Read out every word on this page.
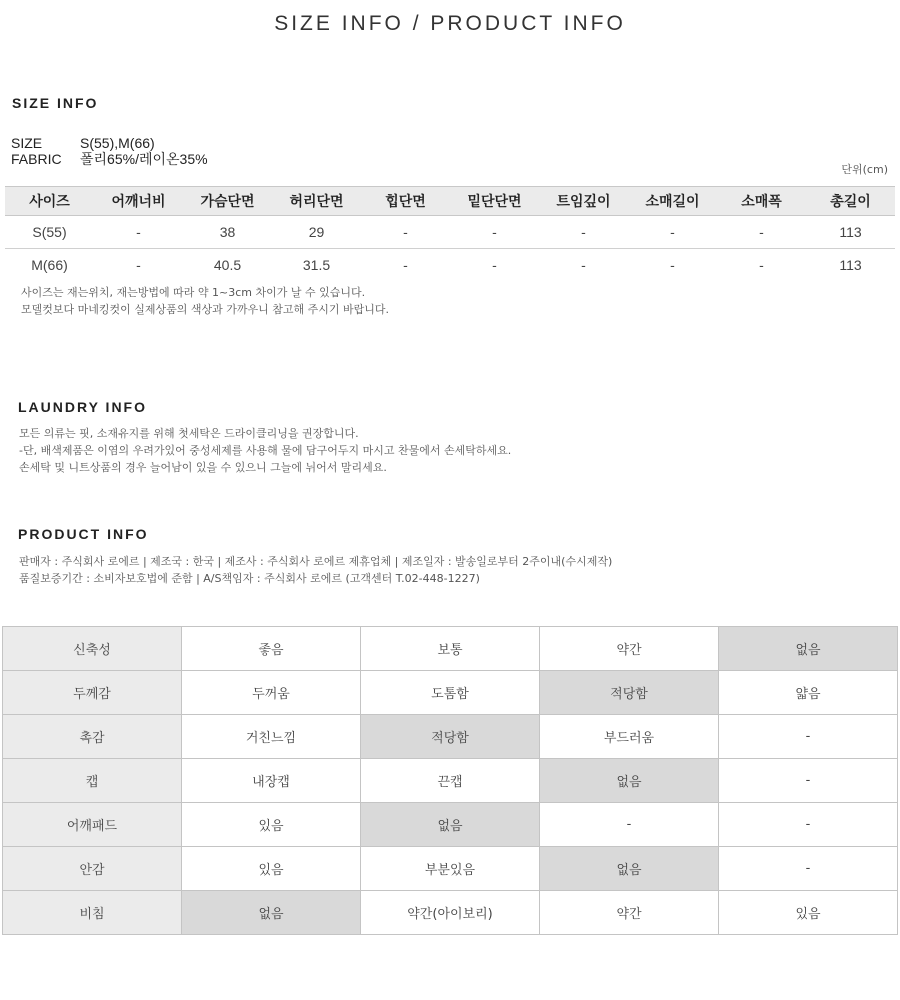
SIZE INFO / PRODUCT INFO
SIZE INFO
SIZE	S(55),M(66)
FABRIC 폴리65%/레이온35%
단위(cm)
사이즈	어깨너비	가슴단면	허리단면	힙단면	밑단단면	트임깊이	소매길이	소매폭	총길이
S(55)	-	38	29	-	-	-	-	-	113
M(66)	-	40.5	31.5	-	-	-	-	-	113
사이즈는 재는위치, 재는방법에 따라 약 1~3cm 차이가 날 수 있습니다.
모델컷보다 마네킹컷이 실제상품의 색상과 가까우니 참고해 주시기 바랍니다.
LAUNDRY INFO
모든 의류는 핏, 소재유지를 위해 첫세탁은 드라이클리닝을 권장합니다.
-단, 배색제품은 이염의 우려가있어 중성세제를 사용해 물에 담구어두지 마시고 찬물에서 손세탁하세요.
손세탁 및 니트상품의 경우 늘어남이 있을 수 있으니 그늘에 뉘어서 말리세요.
PRODUCT INFO
판매자 : 주식회사 로에르 | 제조국 : 한국 | 제조사 : 주식회사 로에르 제휴업체 | 제조일자 : 발송일로부터 2주이내(수시제작)
품질보증기간 : 소비자보호법에 준함 | A/S책임자 : 주식회사 로에르 (고객센터 T.02-448-1227)
신축성	좋음	보통	약간	없음
두께감	두꺼움	도톰함	적당함	얇음
촉감	거친느낌	적당함	부드러움	-
캡	내장캡	끈캡	없음	-
어깨패드	있음	없음	-	-
안감	있음	부분있음	없음	-
비침	없음	약간(아이보리)	약간	있음
